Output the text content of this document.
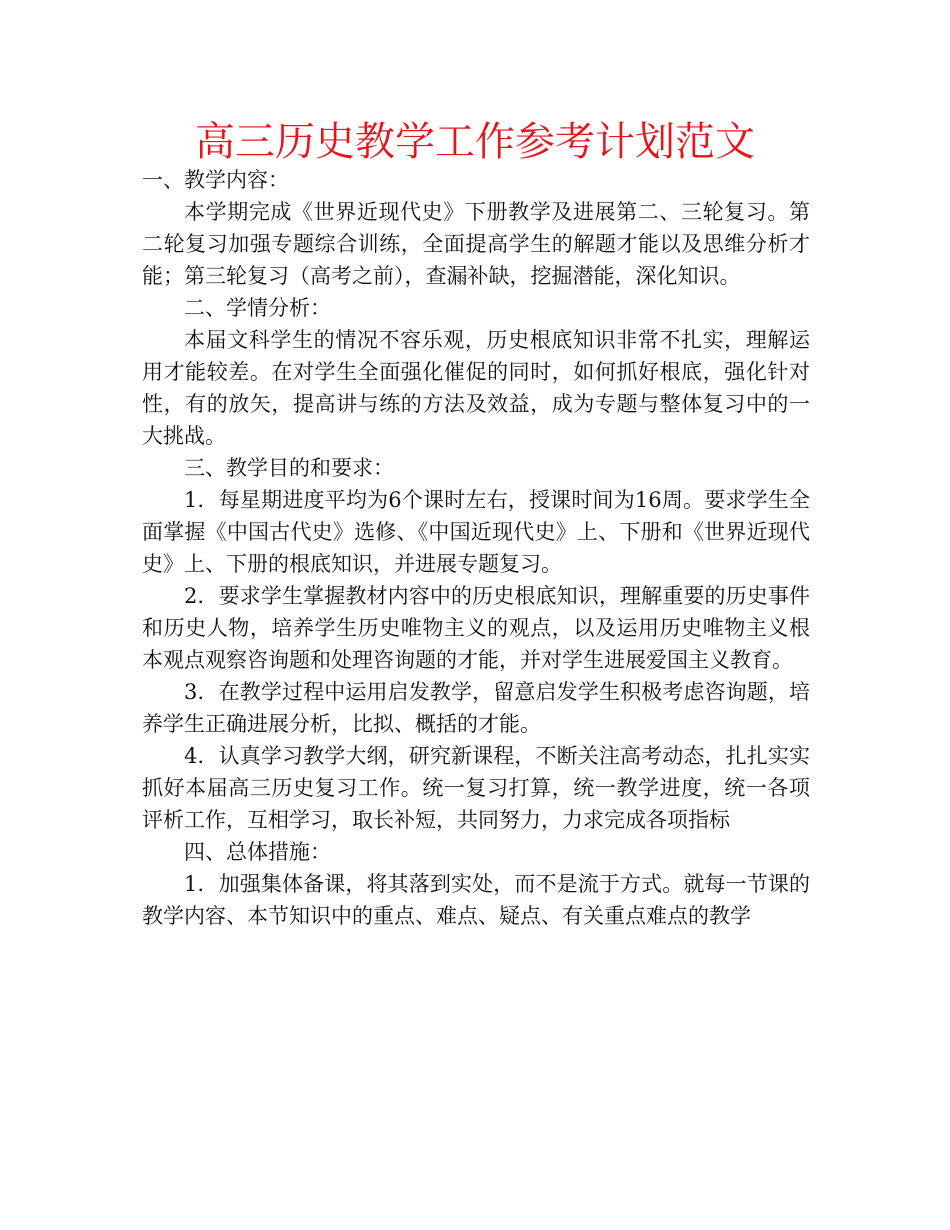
高三历史教学工作参考计划范文

一、教学内容：

本学期完成《世界近现代史》下册教学及进展第二、三轮复习。第二轮复习加强专题综合训练，全面提高学生的解题才能以及思维分析才能；第三轮复习（高考之前），查漏补缺，挖掘潜能，深化知识。

二、学情分析：

本届文科学生的情况不容乐观，历史根底知识非常不扎实，理解运用才能较差。在对学生全面强化催促的同时，如何抓好根底，强化针对性，有的放矢，提高讲与练的方法及效益，成为专题与整体复习中的一大挑战。

三、教学目的和要求：

1．每星期进度平均为6个课时左右，授课时间为16周。要求学生全面掌握《中国古代史》选修、《中国近现代史》上、下册和《世界近现代史》上、下册的根底知识，并进展专题复习。

2．要求学生掌握教材内容中的历史根底知识，理解重要的历史事件和历史人物，培养学生历史唯物主义的观点，以及运用历史唯物主义根本观点观察咨询题和处理咨询题的才能，并对学生进展爱国主义教育。

3．在教学过程中运用启发教学，留意启发学生积极考虑咨询题，培养学生正确进展分析，比拟、概括的才能。

4．认真学习教学大纲，研究新课程，不断关注高考动态，扎扎实实抓好本届高三历史复习工作。统一复习打算，统一教学进度，统一各项评析工作，互相学习，取长补短，共同努力，力求完成各项指标

四、总体措施：

1．加强集体备课，将其落到实处，而不是流于方式。就每一节课的教学内容、本节知识中的重点、难点、疑点、有关重点难点的教学
